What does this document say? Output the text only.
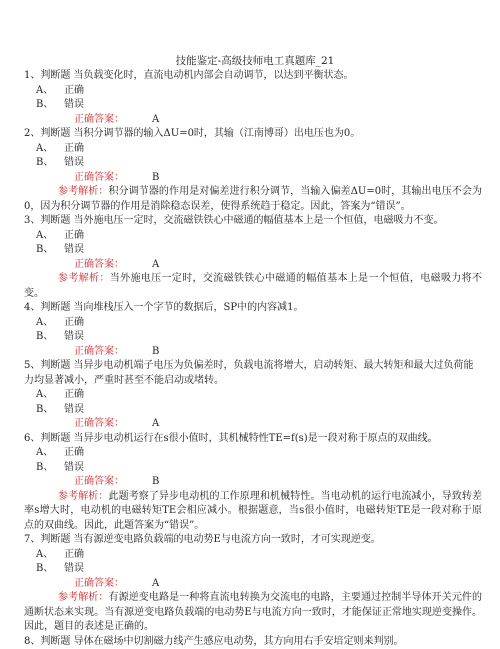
技能鉴定-高级技师电工真题库_21
1、判断题 当负载变化时，直流电动机内部会自动调节，以达到平衡状态。
A、 正确
B、 错误
正确答案：	A
2、判断题 当积分调节器的输入ΔU=0时，其输（江南博哥）出电压也为0。
A、 正确
B、 错误
正确答案：	B
参考解析：积分调节器的作用是对偏差进行积分调节，当输入偏差ΔU=0时，其输出电压不会为0，因为积分调节器的作用是消除稳态误差，使得系统趋于稳定。因此，答案为“错误”。
3、判断题 当外施电压一定时，交流磁铁铁心中磁通的幅值基本上是一个恒值，电磁吸力不变。
A、 正确
B、 错误
正确答案：	A
参考解析：当外施电压一定时，交流磁铁铁心中磁通的幅值基本上是一个恒值，电磁吸力将不变。
4、判断题 当向堆栈压入一个字节的数据后，SP中的内容减1。
A、 正确
B、 错误
正确答案：	B
5、判断题 当异步电动机端子电压为负偏差时，负载电流将增大，启动转矩、最大转矩和最大过负荷能力均显著减小，严重时甚至不能启动或堵转。
A、 正确
B、 错误
正确答案：	A
6、判断题 当异步电动机运行在s很小值时，其机械特性TE=f(s)是一段对称于原点的双曲线。
A、 正确
B、 错误
正确答案：	B
参考解析：此题考察了异步电动机的工作原理和机械特性。当电动机的运行电流减小，导致转差率s增大时，电动机的电磁转矩TE会相应减小。根据题意，当s很小值时，电磁转矩TE是一段对称于原点的双曲线。因此，此题答案为“错误”。
7、判断题 当有源逆变电路负载端的电动势E与电流方向一致时，才可实现逆变。
A、 正确
B、 错误
正确答案：	A
参考解析：有源逆变电路是一种将直流电转换为交流电的电路，主要通过控制半导体开关元件的通断状态来实现。当有源逆变电路负载端的电动势E与电流方向一致时，才能保证正常地实现逆变操作。 因此，题目的表述是正确的。
8、判断题 导体在磁场中切割磁力线产生感应电动势，其方向用右手安培定则来判别。
